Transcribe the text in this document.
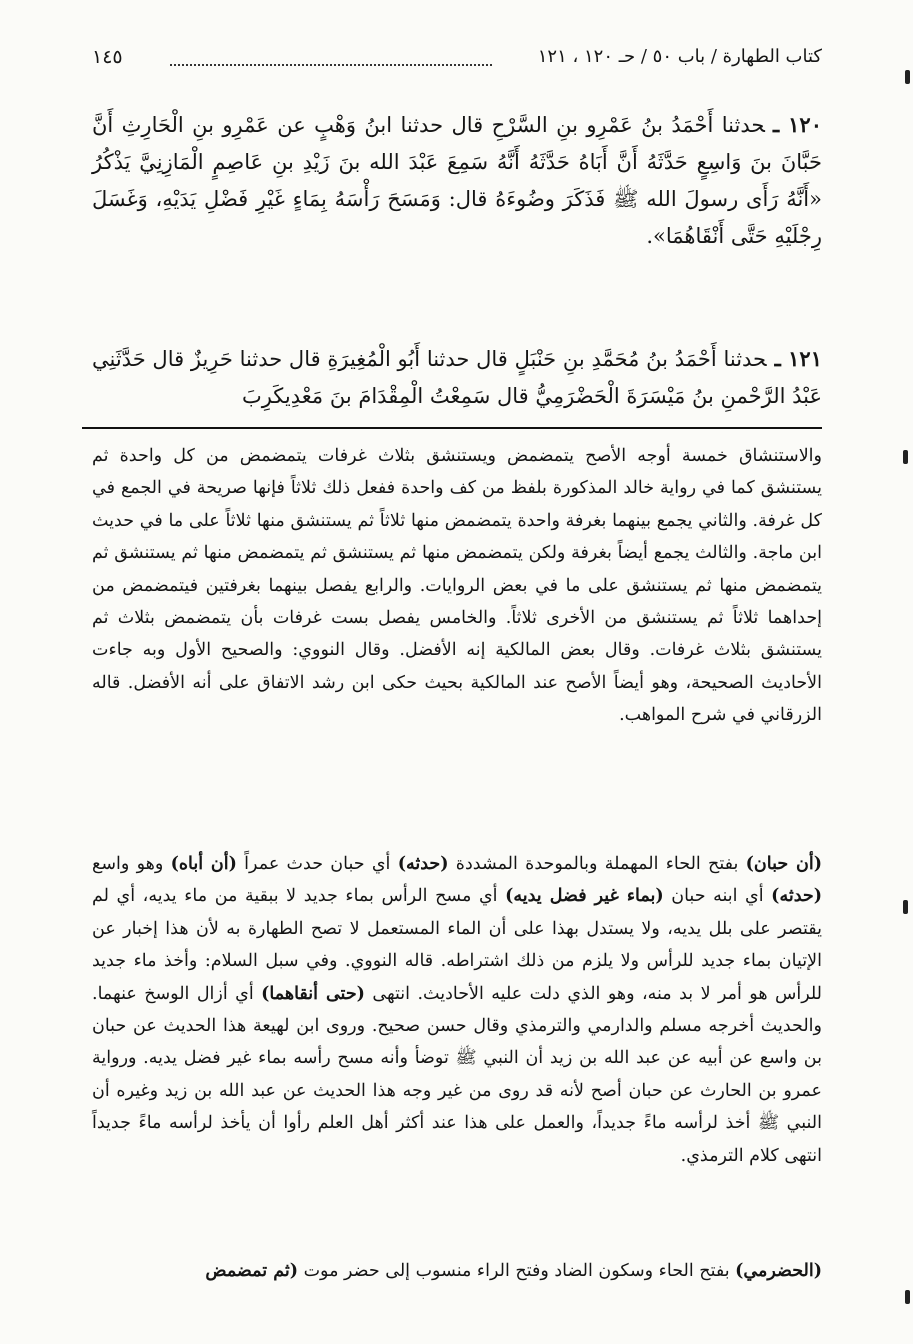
كتاب الطهارة / باب ٥٠ / حـ ١٢٠ ، ١٢١
١٤٥
١٢٠ ـحدثنا أَحْمَدُ بنُ عَمْرِو بنِ السَّرْحِ قال حدثنا ابنُ وَهْبٍ عن عَمْرِو بنِ الْحَارِثِ أَنَّ حَبَّانَ بنَ وَاسِعٍ حَدَّثَهُ أَنَّ أَبَاهُ حَدَّثَهُ أَنَّهُ سَمِعَ عَبْدَ الله بنَ زَيْدِ بنِ عَاصِمٍ الْمَازِنِيَّ يَذْكُرُ «أَنَّهُ رَأَى رسولَ الله ﷺ فَذَكَرَ وضُوءَهُ قال: وَمَسَحَ رَأْسَهُ بِمَاءٍ غَيْرِ فَضْلِ يَدَيْهِ، وَغَسَلَ رِجْلَيْهِ حَتَّى أَنْقَاهُمَا».
١٢١ ـحدثنا أَحْمَدُ بنُ مُحَمَّدِ بنِ حَنْبَلٍ قال حدثنا أَبُو الْمُغِيرَةِ قال حدثنا حَرِيزٌ قال حَدَّثَنِي عَبْدُ الرَّحْمنِ بنُ مَيْسَرَةَ الْحَضْرَمِيُّ قال سَمِعْتُ الْمِقْدَامَ بنَ مَعْدِيكَرِبَ

والاستنشاق خمسة أوجه الأصح يتمضمض ويستنشق بثلاث غرفات يتمضمض من كل واحدة ثم يستنشق كما في رواية خالد المذكورة بلفظ من كف واحدة ففعل ذلك ثلاثاً فإنها صريحة في الجمع في كل غرفة. والثاني يجمع بينهما بغرفة واحدة يتمضمض منها ثلاثاً ثم يستنشق منها ثلاثاً على ما في حديث ابن ماجة. والثالث يجمع أيضاً بغرفة ولكن يتمضمض منها ثم يستنشق ثم يتمضمض منها ثم يستنشق ثم يتمضمض منها ثم يستنشق على ما في بعض الروايات. والرابع يفصل بينهما بغرفتين فيتمضمض من إحداهما ثلاثاً ثم يستنشق من الأخرى ثلاثاً. والخامس يفصل بست غرفات بأن يتمضمض بثلاث ثم يستنشق بثلاث غرفات. وقال بعض المالكية إنه الأفضل. وقال النووي: والصحيح الأول وبه جاءت الأحاديث الصحيحة، وهو أيضاً الأصح عند المالكية بحيث حكى ابن رشد الاتفاق على أنه الأفضل. قاله الزرقاني في شرح المواهب.

(أن حبان) بفتح الحاء المهملة وبالموحدة المشددة (حدثه) أي حبان حدث عمراً (أن أباه) وهو واسع (حدثه) أي ابنه حبان (بماء غير فضل يديه) أي مسح الرأس بماء جديد لا ببقية من ماء يديه، أي لم يقتصر على بلل يديه، ولا يستدل بهذا على أن الماء المستعمل لا تصح الطهارة به لأن هذا إخبار عن الإتيان بماء جديد للرأس ولا يلزم من ذلك اشتراطه. قاله النووي. وفي سبل السلام: وأخذ ماء جديد للرأس هو أمر لا بد منه، وهو الذي دلت عليه الأحاديث. انتهى (حتى أنقاهما) أي أزال الوسخ عنهما. والحديث أخرجه مسلم والدارمي والترمذي وقال حسن صحيح. وروى ابن لهيعة هذا الحديث عن حبان بن واسع عن أبيه عن عبد الله بن زيد أن النبي ﷺ توضأ وأنه مسح رأسه بماء غير فضل يديه. ورواية عمرو بن الحارث عن حبان أصح لأنه قد روى من غير وجه هذا الحديث عن عبد الله بن زيد وغيره أن النبي ﷺ أخذ لرأسه ماءً جديداً، والعمل على هذا عند أكثر أهل العلم رأوا أن يأخذ لرأسه ماءً جديداً انتهى كلام الترمذي.

(الحضرمي) بفتح الحاء وسكون الضاد وفتح الراء منسوب إلى حضر موت (ثم تمضمض
